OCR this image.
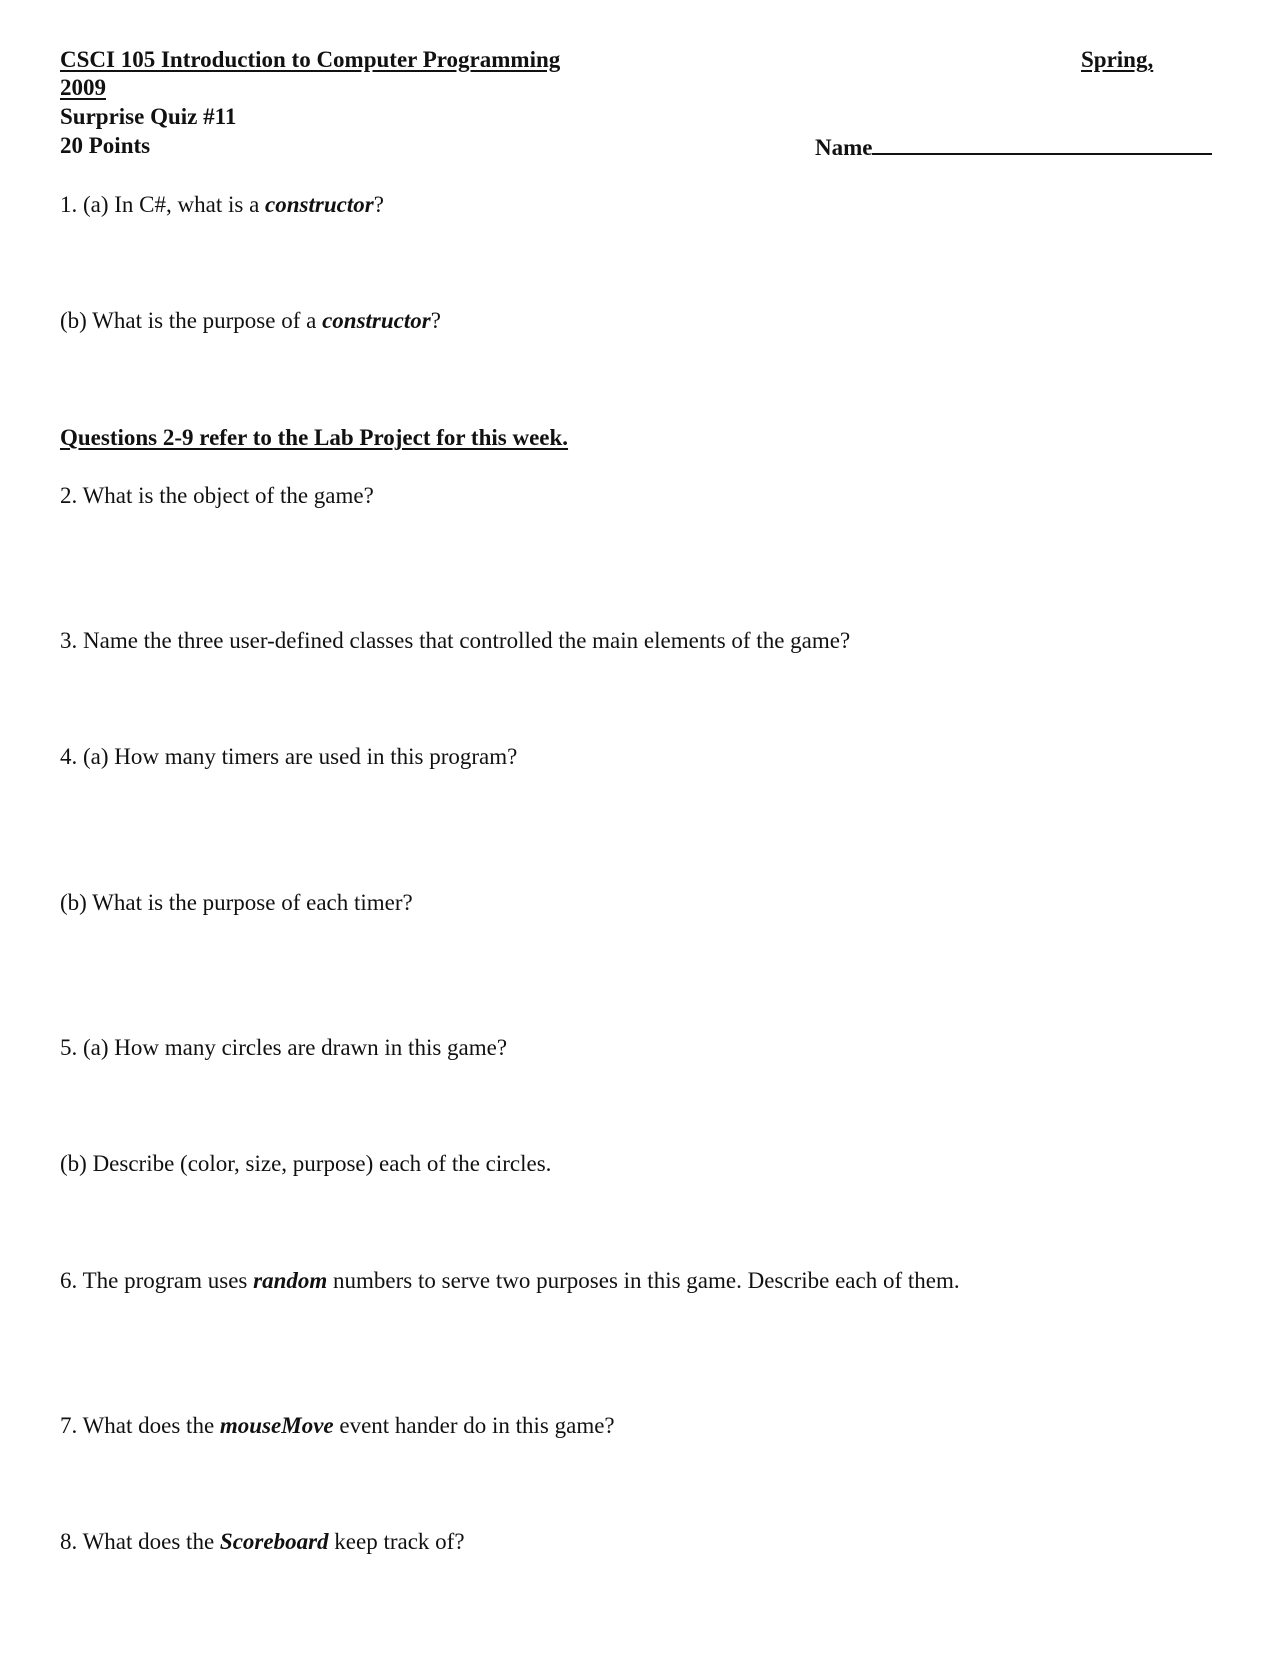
CSCI 105 Introduction to Computer Programming	Spring,
2009
Surprise Quiz #11
20 Points	Name
1. (a) In C#, what is a constructor?
(b) What is the purpose of a constructor?
Questions 2-9 refer to the Lab Project for this week.
2. What is the object of the game?
3. Name the three user-defined classes that controlled the main elements of the game?
4. (a) How many timers are used in this program?
(b) What is the purpose of each timer?
5. (a) How many circles are drawn in this game?
(b) Describe (color, size, purpose) each of the circles.
6. The program uses random numbers to serve two purposes in this game. Describe each of them.
7. What does the mouseMove event hander do in this game?
8. What does the Scoreboard keep track of?
